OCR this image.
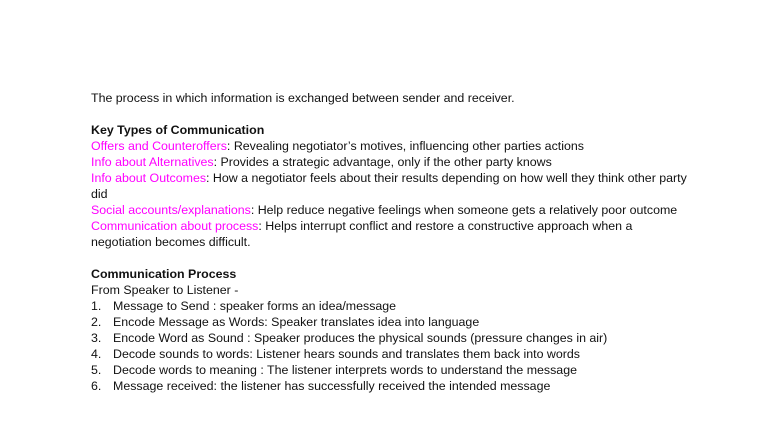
The process in which information is exchanged between sender and receiver.
Key Types of Communication
Offers and Counteroffers: Revealing negotiator’s motives, influencing other parties actions
Info about Alternatives: Provides a strategic advantage, only if the other party knows
Info about Outcomes: How a negotiator feels about their results depending on how well they think other party did
Social accounts/explanations: Help reduce negative feelings when someone gets a relatively poor outcome
Communication about process: Helps interrupt conflict and restore a constructive approach when a negotiation becomes difficult.
Communication Process
From Speaker to Listener -
1. Message to Send : speaker forms an idea/message
2. Encode Message as Words: Speaker translates idea into language
3. Encode Word as Sound : Speaker produces the physical sounds (pressure changes in air)
4. Decode sounds to words: Listener hears sounds and translates them back into words
5. Decode words to meaning : The listener interprets words to understand the message
6. Message received: the listener has successfully received the intended message
